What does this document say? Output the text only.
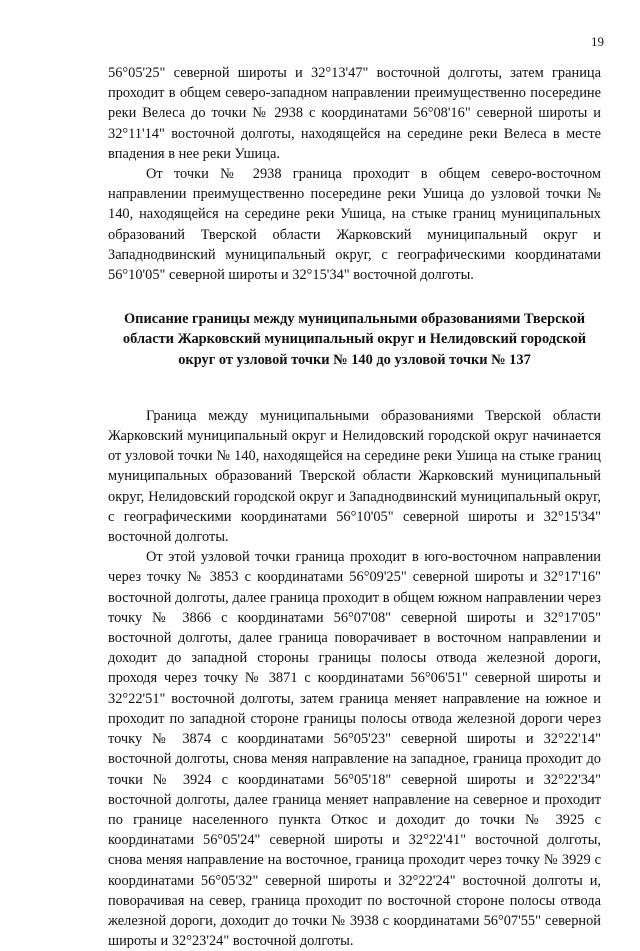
19

56°05'25" северной широты и 32°13'47" восточной долготы, затем граница проходит в общем северо-западном направлении преимущественно посередине реки Велеса до точки № 2938 с координатами 56°08'16" северной широты и 32°11'14" восточной долготы, находящейся на середине реки Велеса в месте впадения в нее реки Ушица.

От точки № 2938 граница проходит в общем северо-восточном направлении преимущественно посередине реки Ушица до узловой точки № 140, находящейся на середине реки Ушица, на стыке границ муниципальных образований Тверской области Жарковский муниципальный округ и Западнодвинский муниципальный округ, с географическими координатами 56°10'05" северной широты и 32°15'34" восточной долготы.

Описание границы между муниципальными образованиями Тверской области Жарковский муниципальный округ и Нелидовский городской округ от узловой точки № 140 до узловой точки № 137

Граница между муниципальными образованиями Тверской области Жарковский муниципальный округ и Нелидовский городской округ начинается от узловой точки № 140, находящейся на середине реки Ушица на стыке границ муниципальных образований Тверской области Жарковский муниципальный округ, Нелидовский городской округ и Западнодвинский муниципальный округ, с географическими координатами 56°10'05" северной широты и 32°15'34" восточной долготы.

От этой узловой точки граница проходит в юго-восточном направлении через точку № 3853 с координатами 56°09'25" северной широты и 32°17'16" восточной долготы, далее граница проходит в общем южном направлении через точку № 3866 с координатами 56°07'08" северной широты и 32°17'05" восточной долготы, далее граница поворачивает в восточном направлении и доходит до западной стороны границы полосы отвода железной дороги, проходя через точку № 3871 с координатами 56°06'51" северной широты и 32°22'51" восточной долготы, затем граница меняет направление на южное и проходит по западной стороне границы полосы отвода железной дороги через точку № 3874 с координатами 56°05'23" северной широты и 32°22'14" восточной долготы, снова меняя направление на западное, граница проходит до точки № 3924 с координатами 56°05'18" северной широты и 32°22'34" восточной долготы, далее граница меняет направление на северное и проходит по границе населенного пункта Откос и доходит до точки № 3925 с координатами 56°05'24" северной широты и 32°22'41" восточной долготы, снова меняя направление на восточное, граница проходит через точку № 3929 с координатами 56°05'32" северной широты и 32°22'24" восточной долготы и, поворачивая на север, граница проходит по восточной стороне полосы отвода железной дороги, доходит до точки № 3938 с координатами 56°07'55" северной широты и 32°23'24" восточной долготы.
